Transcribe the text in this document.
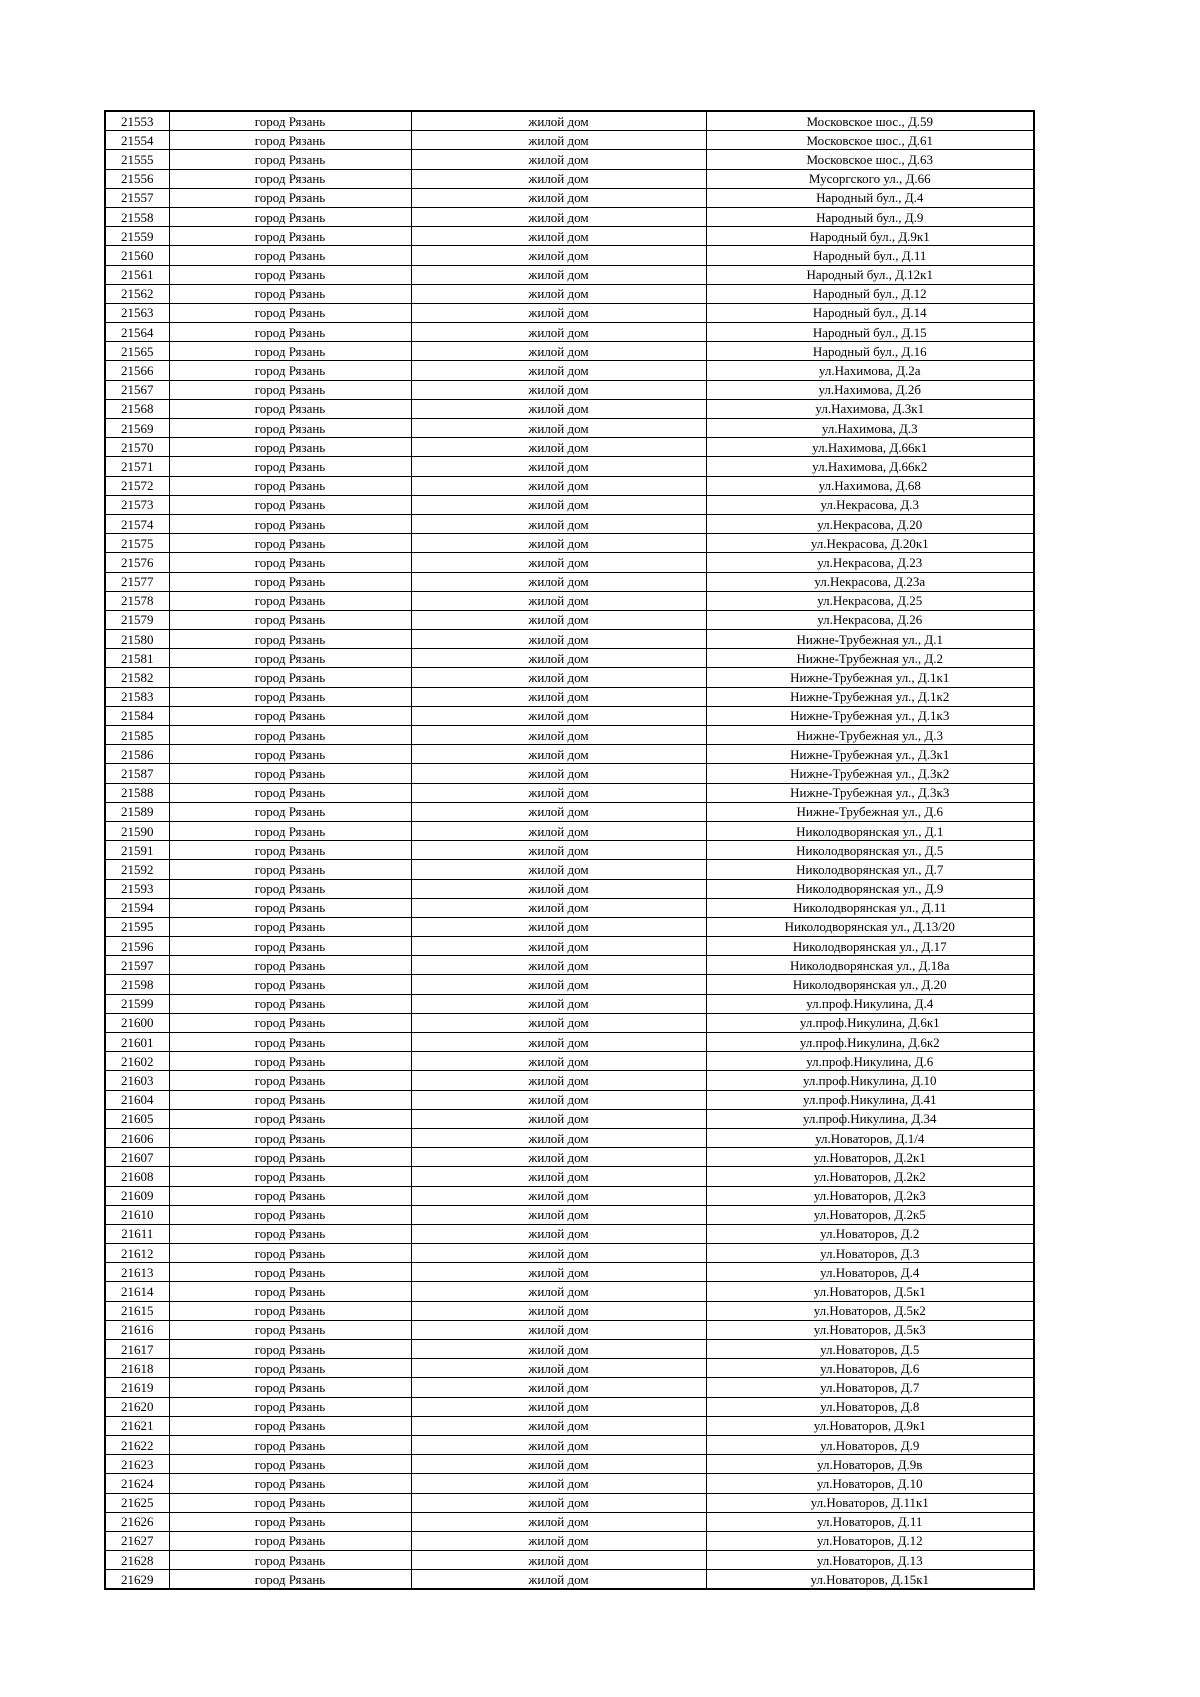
21553	город Рязань	жилой дом	Московское шос., Д.59
21554	город Рязань	жилой дом	Московское шос., Д.61
21555	город Рязань	жилой дом	Московское шос., Д.63
21556	город Рязань	жилой дом	Мусоргского ул., Д.66
21557	город Рязань	жилой дом	Народный бул., Д.4
21558	город Рязань	жилой дом	Народный бул., Д.9
21559	город Рязань	жилой дом	Народный бул., Д.9к1
21560	город Рязань	жилой дом	Народный бул., Д.11
21561	город Рязань	жилой дом	Народный бул., Д.12к1
21562	город Рязань	жилой дом	Народный бул., Д.12
21563	город Рязань	жилой дом	Народный бул., Д.14
21564	город Рязань	жилой дом	Народный бул., Д.15
21565	город Рязань	жилой дом	Народный бул., Д.16
21566	город Рязань	жилой дом	ул.Нахимова, Д.2а
21567	город Рязань	жилой дом	ул.Нахимова, Д.2б
21568	город Рязань	жилой дом	ул.Нахимова, Д.3к1
21569	город Рязань	жилой дом	ул.Нахимова, Д.3
21570	город Рязань	жилой дом	ул.Нахимова, Д.66к1
21571	город Рязань	жилой дом	ул.Нахимова, Д.66к2
21572	город Рязань	жилой дом	ул.Нахимова, Д.68
21573	город Рязань	жилой дом	ул.Некрасова, Д.3
21574	город Рязань	жилой дом	ул.Некрасова, Д.20
21575	город Рязань	жилой дом	ул.Некрасова, Д.20к1
21576	город Рязань	жилой дом	ул.Некрасова, Д.23
21577	город Рязань	жилой дом	ул.Некрасова, Д.23а
21578	город Рязань	жилой дом	ул.Некрасова, Д.25
21579	город Рязань	жилой дом	ул.Некрасова, Д.26
21580	город Рязань	жилой дом	Нижне-Трубежная ул., Д.1
21581	город Рязань	жилой дом	Нижне-Трубежная ул., Д.2
21582	город Рязань	жилой дом	Нижне-Трубежная ул., Д.1к1
21583	город Рязань	жилой дом	Нижне-Трубежная ул., Д.1к2
21584	город Рязань	жилой дом	Нижне-Трубежная ул., Д.1к3
21585	город Рязань	жилой дом	Нижне-Трубежная ул., Д.3
21586	город Рязань	жилой дом	Нижне-Трубежная ул., Д.3к1
21587	город Рязань	жилой дом	Нижне-Трубежная ул., Д.3к2
21588	город Рязань	жилой дом	Нижне-Трубежная ул., Д.3к3
21589	город Рязань	жилой дом	Нижне-Трубежная ул., Д.6
21590	город Рязань	жилой дом	Николодворянская ул., Д.1
21591	город Рязань	жилой дом	Николодворянская ул., Д.5
21592	город Рязань	жилой дом	Николодворянская ул., Д.7
21593	город Рязань	жилой дом	Николодворянская ул., Д.9
21594	город Рязань	жилой дом	Николодворянская ул., Д.11
21595	город Рязань	жилой дом	Николодворянская ул., Д.13/20
21596	город Рязань	жилой дом	Николодворянская ул., Д.17
21597	город Рязань	жилой дом	Николодворянская ул., Д.18а
21598	город Рязань	жилой дом	Николодворянская ул., Д.20
21599	город Рязань	жилой дом	ул.проф.Никулина, Д.4
21600	город Рязань	жилой дом	ул.проф.Никулина, Д.6к1
21601	город Рязань	жилой дом	ул.проф.Никулина, Д.6к2
21602	город Рязань	жилой дом	ул.проф.Никулина, Д.6
21603	город Рязань	жилой дом	ул.проф.Никулина, Д.10
21604	город Рязань	жилой дом	ул.проф.Никулина, Д.41
21605	город Рязань	жилой дом	ул.проф.Никулина, Д.34
21606	город Рязань	жилой дом	ул.Новаторов, Д.1/4
21607	город Рязань	жилой дом	ул.Новаторов, Д.2к1
21608	город Рязань	жилой дом	ул.Новаторов, Д.2к2
21609	город Рязань	жилой дом	ул.Новаторов, Д.2к3
21610	город Рязань	жилой дом	ул.Новаторов, Д.2к5
21611	город Рязань	жилой дом	ул.Новаторов, Д.2
21612	город Рязань	жилой дом	ул.Новаторов, Д.3
21613	город Рязань	жилой дом	ул.Новаторов, Д.4
21614	город Рязань	жилой дом	ул.Новаторов, Д.5к1
21615	город Рязань	жилой дом	ул.Новаторов, Д.5к2
21616	город Рязань	жилой дом	ул.Новаторов, Д.5к3
21617	город Рязань	жилой дом	ул.Новаторов, Д.5
21618	город Рязань	жилой дом	ул.Новаторов, Д.6
21619	город Рязань	жилой дом	ул.Новаторов, Д.7
21620	город Рязань	жилой дом	ул.Новаторов, Д.8
21621	город Рязань	жилой дом	ул.Новаторов, Д.9к1
21622	город Рязань	жилой дом	ул.Новаторов, Д.9
21623	город Рязань	жилой дом	ул.Новаторов, Д.9в
21624	город Рязань	жилой дом	ул.Новаторов, Д.10
21625	город Рязань	жилой дом	ул.Новаторов, Д.11к1
21626	город Рязань	жилой дом	ул.Новаторов, Д.11
21627	город Рязань	жилой дом	ул.Новаторов, Д.12
21628	город Рязань	жилой дом	ул.Новаторов, Д.13
21629	город Рязань	жилой дом	ул.Новаторов, Д.15к1
